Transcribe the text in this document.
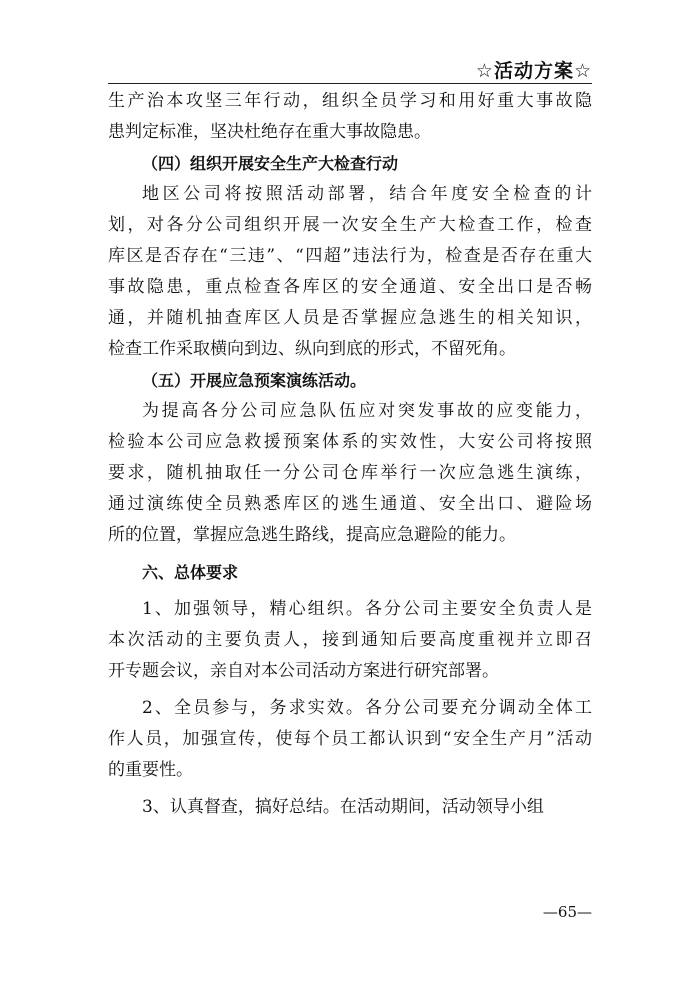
☆活动方案☆
生产治本攻坚三年行动，组织全员学习和用好重大事故隐
患判定标准，坚决杜绝存在重大事故隐患。
（四）组织开展安全生产大检查行动
地区公司将按照活动部署，结合年度安全检查的计
划，对各分公司组织开展一次安全生产大检查工作，检查
库区是否存在“三违”、“四超”违法行为，检查是否存在重大
事故隐患，重点检查各库区的安全通道、安全出口是否畅
通，并随机抽查库区人员是否掌握应急逃生的相关知识，
检查工作采取横向到边、纵向到底的形式，不留死角。
（五）开展应急预案演练活动。
为提高各分公司应急队伍应对突发事故的应变能力，
检验本公司应急救援预案体系的实效性，大安公司将按照
要求，随机抽取任一分公司仓库举行一次应急逃生演练，
通过演练使全员熟悉库区的逃生通道、安全出口、避险场
所的位置，掌握应急逃生路线，提高应急避险的能力。
六、总体要求
1、加强领导，精心组织。各分公司主要安全负责人是
本次活动的主要负责人，接到通知后要高度重视并立即召
开专题会议，亲自对本公司活动方案进行研究部署。
2、全员参与，务求实效。各分公司要充分调动全体工
作人员，加强宣传，使每个员工都认识到“安全生产月”活动
的重要性。
3、认真督查，搞好总结。在活动期间，活动领导小组
—65—
